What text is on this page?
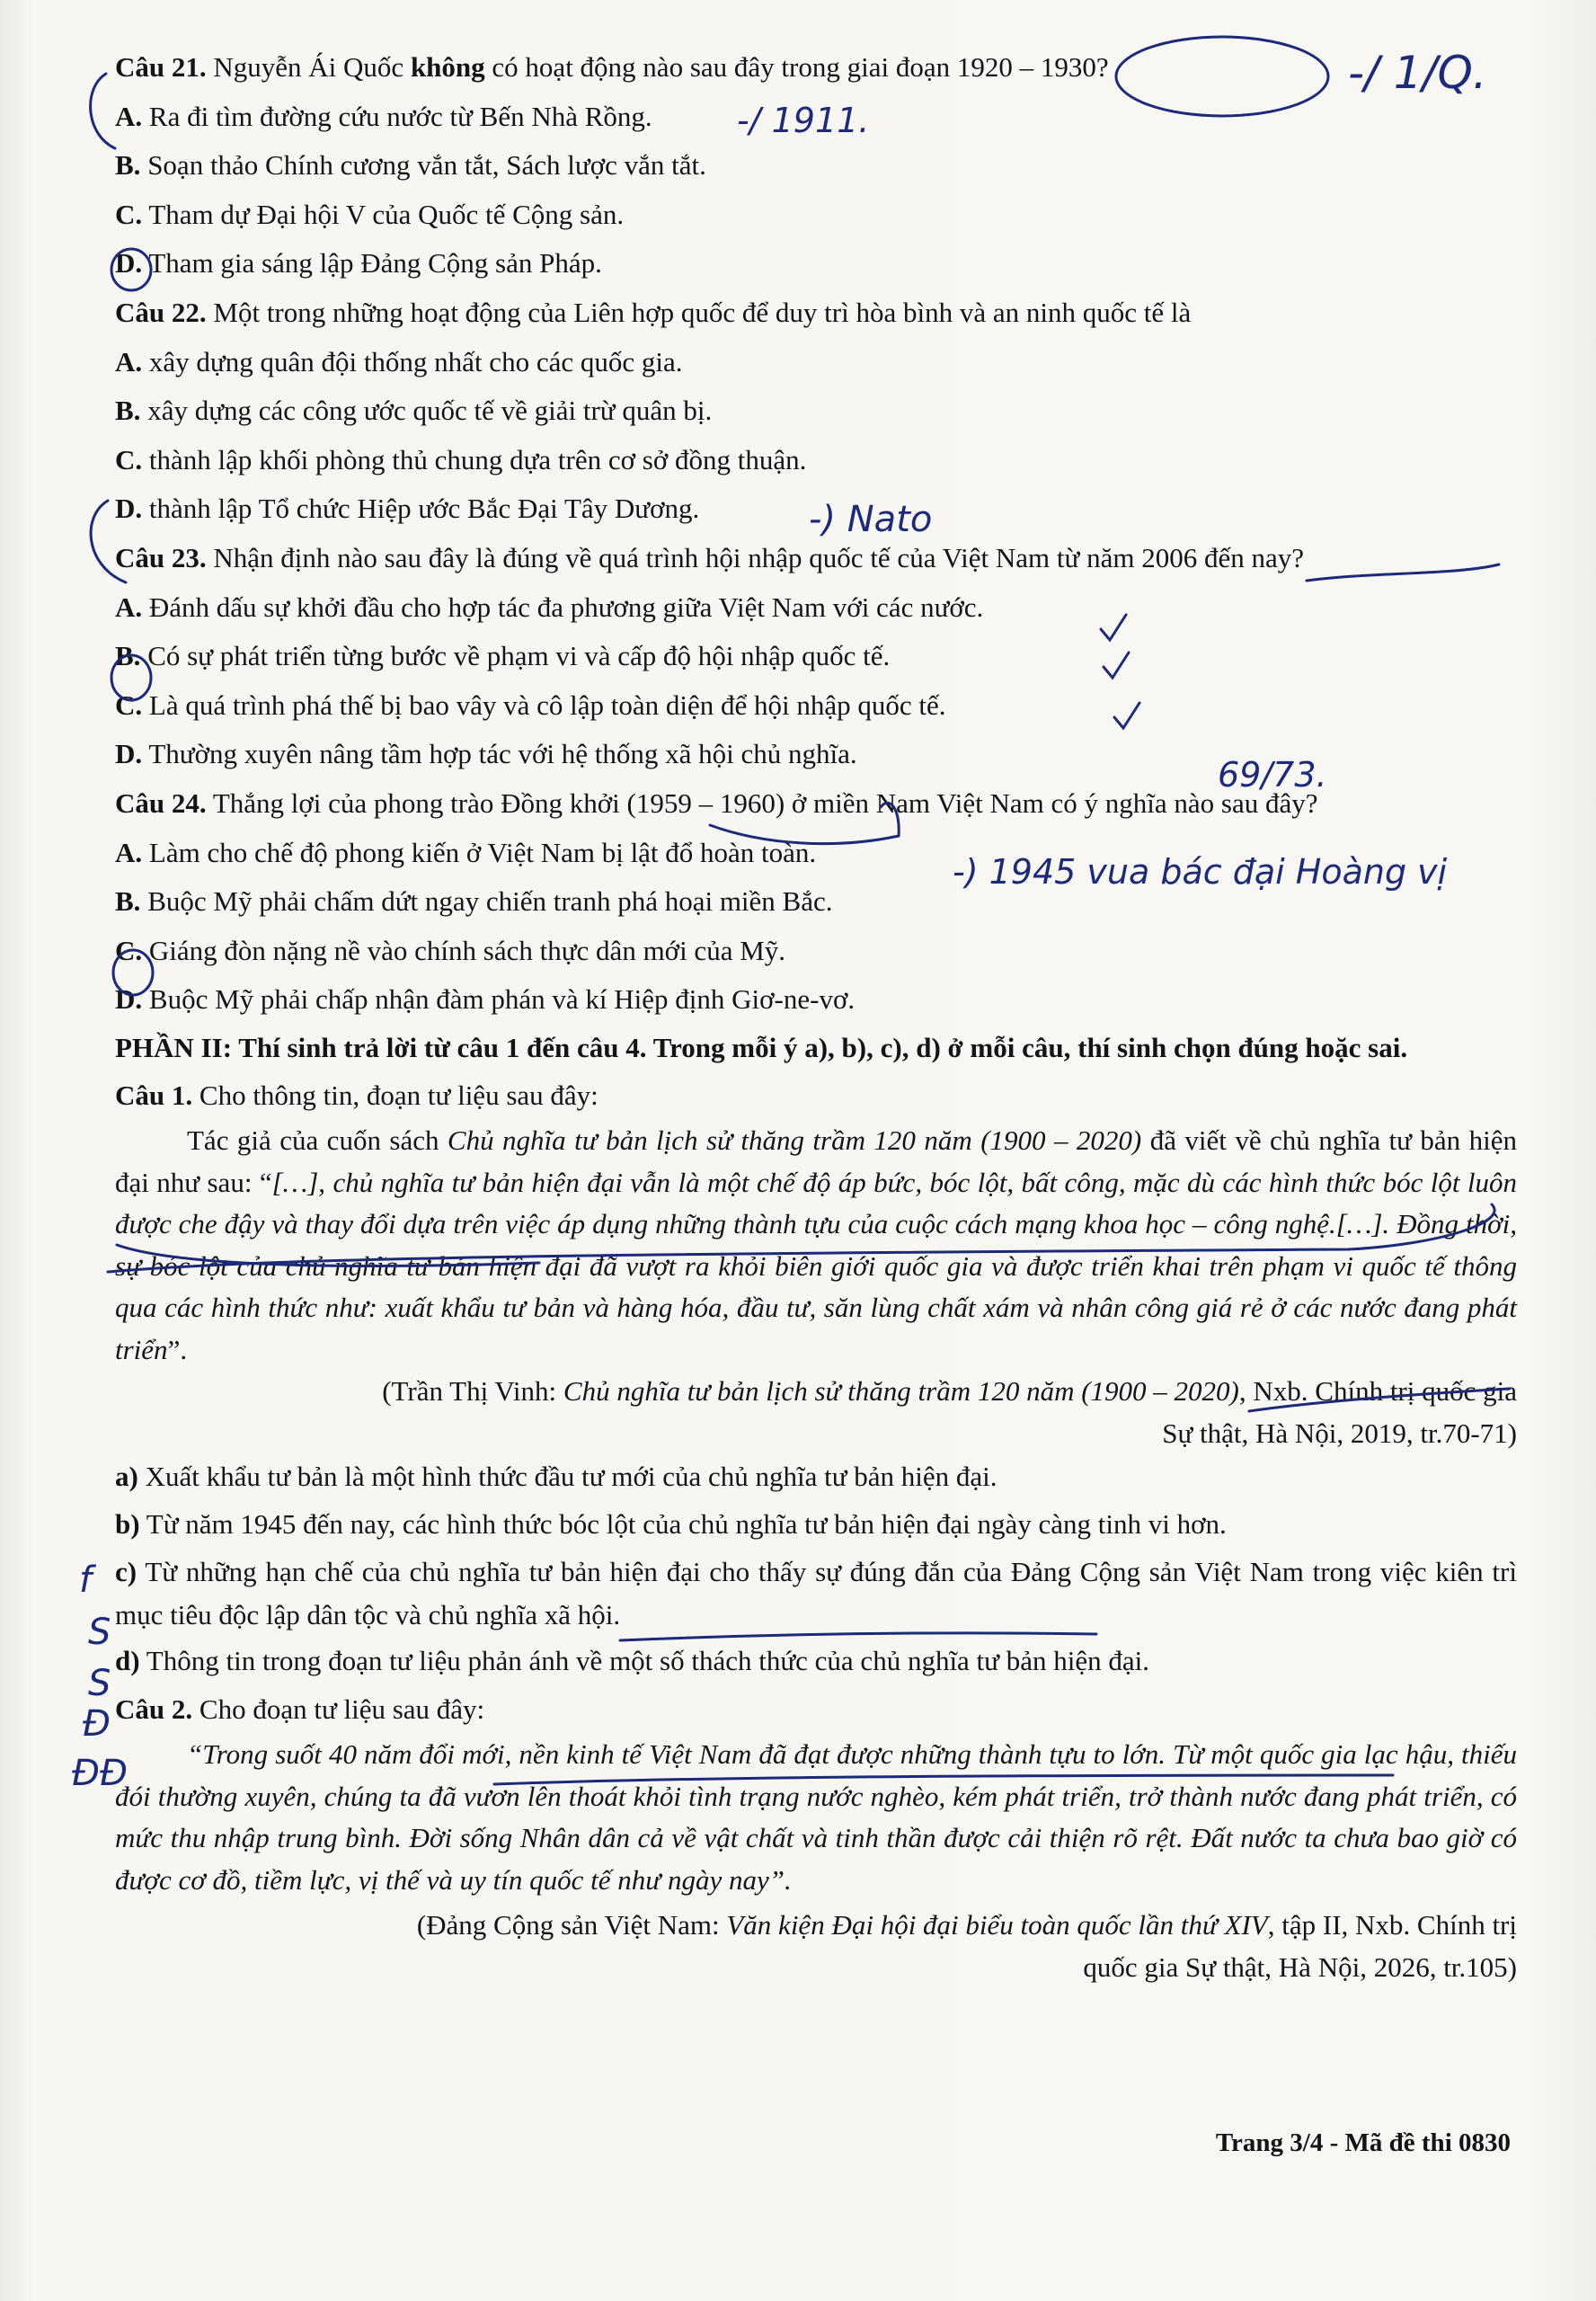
Câu 21. Nguyễn Ái Quốc không có hoạt động nào sau đây trong giai đoạn 1920 – 1930?
A. Ra đi tìm đường cứu nước từ Bến Nhà Rồng.
B. Soạn thảo Chính cương vắn tắt, Sách lược vắn tắt.
C. Tham dự Đại hội V của Quốc tế Cộng sản.
D. Tham gia sáng lập Đảng Cộng sản Pháp.
Câu 22. Một trong những hoạt động của Liên hợp quốc để duy trì hòa bình và an ninh quốc tế là
A. xây dựng quân đội thống nhất cho các quốc gia.
B. xây dựng các công ước quốc tế về giải trừ quân bị.
C. thành lập khối phòng thủ chung dựa trên cơ sở đồng thuận.
D. thành lập Tổ chức Hiệp ước Bắc Đại Tây Dương.
Câu 23. Nhận định nào sau đây là đúng về quá trình hội nhập quốc tế của Việt Nam từ năm 2006 đến nay?
A. Đánh dấu sự khởi đầu cho hợp tác đa phương giữa Việt Nam với các nước.
B. Có sự phát triển từng bước về phạm vi và cấp độ hội nhập quốc tế.
C. Là quá trình phá thế bị bao vây và cô lập toàn diện để hội nhập quốc tế.
D. Thường xuyên nâng tầm hợp tác với hệ thống xã hội chủ nghĩa.
Câu 24. Thắng lợi của phong trào Đồng khởi (1959 – 1960) ở miền Nam Việt Nam có ý nghĩa nào sau đây?
A. Làm cho chế độ phong kiến ở Việt Nam bị lật đổ hoàn toàn.
B. Buộc Mỹ phải chấm dứt ngay chiến tranh phá hoại miền Bắc.
C. Giáng đòn nặng nề vào chính sách thực dân mới của Mỹ.
D. Buộc Mỹ phải chấp nhận đàm phán và kí Hiệp định Giơ-ne-vơ.
PHẦN II: Thí sinh trả lời từ câu 1 đến câu 4. Trong mỗi ý a), b), c), d) ở mỗi câu, thí sinh chọn đúng hoặc sai.
Câu 1. Cho thông tin, đoạn tư liệu sau đây:
Tác giả của cuốn sách Chủ nghĩa tư bản lịch sử thăng trầm 120 năm (1900 – 2020) đã viết về chủ nghĩa tư bản hiện đại như sau: “[…], chủ nghĩa tư bản hiện đại vẫn là một chế độ áp bức, bóc lột, bất công, mặc dù các hình thức bóc lột luôn được che đậy và thay đổi dựa trên việc áp dụng những thành tựu của cuộc cách mạng khoa học – công nghệ.[…]. Đồng thời, sự bóc lột của chủ nghĩa tư bản hiện đại đã vượt ra khỏi biên giới quốc gia và được triển khai trên phạm vi quốc tế thông qua các hình thức như: xuất khẩu tư bản và hàng hóa, đầu tư, săn lùng chất xám và nhân công giá rẻ ở các nước đang phát triển”.
(Trần Thị Vinh: Chủ nghĩa tư bản lịch sử thăng trầm 120 năm (1900 – 2020), Nxb. Chính trị quốc gia
Sự thật, Hà Nội, 2019, tr.70-71)
a) Xuất khẩu tư bản là một hình thức đầu tư mới của chủ nghĩa tư bản hiện đại.
b) Từ năm 1945 đến nay, các hình thức bóc lột của chủ nghĩa tư bản hiện đại ngày càng tinh vi hơn.
c) Từ những hạn chế của chủ nghĩa tư bản hiện đại cho thấy sự đúng đắn của Đảng Cộng sản Việt Nam trong việc kiên trì mục tiêu độc lập dân tộc và chủ nghĩa xã hội.
d) Thông tin trong đoạn tư liệu phản ánh về một số thách thức của chủ nghĩa tư bản hiện đại.
Câu 2. Cho đoạn tư liệu sau đây:
“Trong suốt 40 năm đổi mới, nền kinh tế Việt Nam đã đạt được những thành tựu to lớn. Từ một quốc gia lạc hậu, thiếu đói thường xuyên, chúng ta đã vươn lên thoát khỏi tình trạng nước nghèo, kém phát triển, trở thành nước đang phát triển, có mức thu nhập trung bình. Đời sống Nhân dân cả về vật chất và tinh thần được cải thiện rõ rệt. Đất nước ta chưa bao giờ có được cơ đồ, tiềm lực, vị thế và uy tín quốc tế như ngày nay”.
(Đảng Cộng sản Việt Nam: Văn kiện Đại hội đại biểu toàn quốc lần thứ XIV, tập II, Nxb. Chính trị
quốc gia Sự thật, Hà Nội, 2026, tr.105)
Trang 3/4 - Mã đề thi 0830
-/ 1/Q.
-/ 1911.
-) Nato
69/73.
-) 1945 vua bác đại Hoàng vị
f
S
S
Đ
ĐĐ
